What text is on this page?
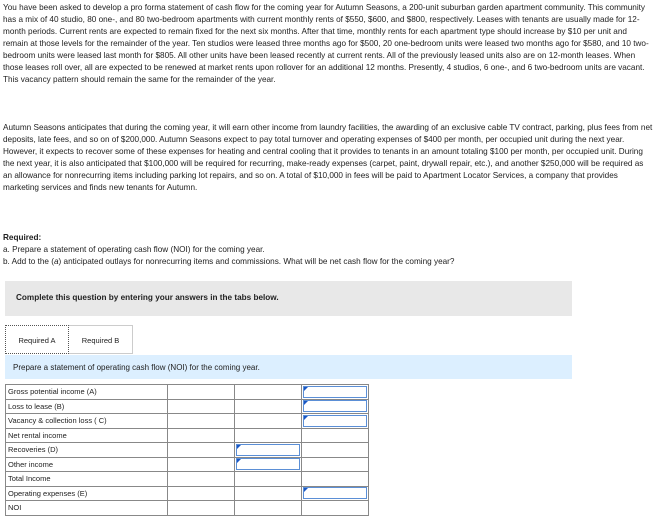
You have been asked to develop a pro forma statement of cash flow for the coming year for Autumn Seasons, a 200-unit suburban garden apartment community. This community has a mix of 40 studio, 80 one-, and 80 two-bedroom apartments with current monthly rents of $550, $600, and $800, respectively. Leases with tenants are usually made for 12-month periods. Current rents are expected to remain fixed for the next six months. After that time, monthly rents for each apartment type should increase by $10 per unit and remain at those levels for the remainder of the year. Ten studios were leased three months ago for $500, 20 one-bedroom units were leased two months ago for $580, and 10 two-bedroom units were leased last month for $805. All other units have been leased recently at current rents. All of the previously leased units also are on 12-month leases. When those leases roll over, all are expected to be renewed at market rents upon rollover for an additional 12 months. Presently, 4 studios, 6 one-, and 6 two-bedroom units are vacant. This vacancy pattern should remain the same for the remainder of the year.

Autumn Seasons anticipates that during the coming year, it will earn other income from laundry facilities, the awarding of an exclusive cable TV contract, parking, plus fees from net deposits, late fees, and so on of $200,000. Autumn Seasons expect to pay total turnover and operating expenses of $400 per month, per occupied unit during the next year. However, it expects to recover some of these expenses for heating and central cooling that it provides to tenants in an amount totaling $100 per month, per occupied unit. During the next year, it is also anticipated that $100,000 will be required for recurring, make-ready expenses (carpet, paint, drywall repair, etc.), and another $250,000 will be required as an allowance for nonrecurring items including parking lot repairs, and so on. A total of $10,000 in fees will be paid to Apartment Locator Services, a company that provides marketing services and finds new tenants for Autumn.

Required:
a. Prepare a statement of operating cash flow (NOI) for the coming year.
b. Add to the (a) anticipated outlays for nonrecurring items and commissions. What will be net cash flow for the coming year?
Complete this question by entering your answers in the tabs below.
Required A	Required B
Prepare a statement of operating cash flow (NOI) for the coming year.
Gross potential income (A)			

Loss to lease (B)			

Vacancy & collection loss ( C)			

Net rental income			
Recoveries (D)		

Other income		

Total Income			
Operating expenses (E)			

NOI			
